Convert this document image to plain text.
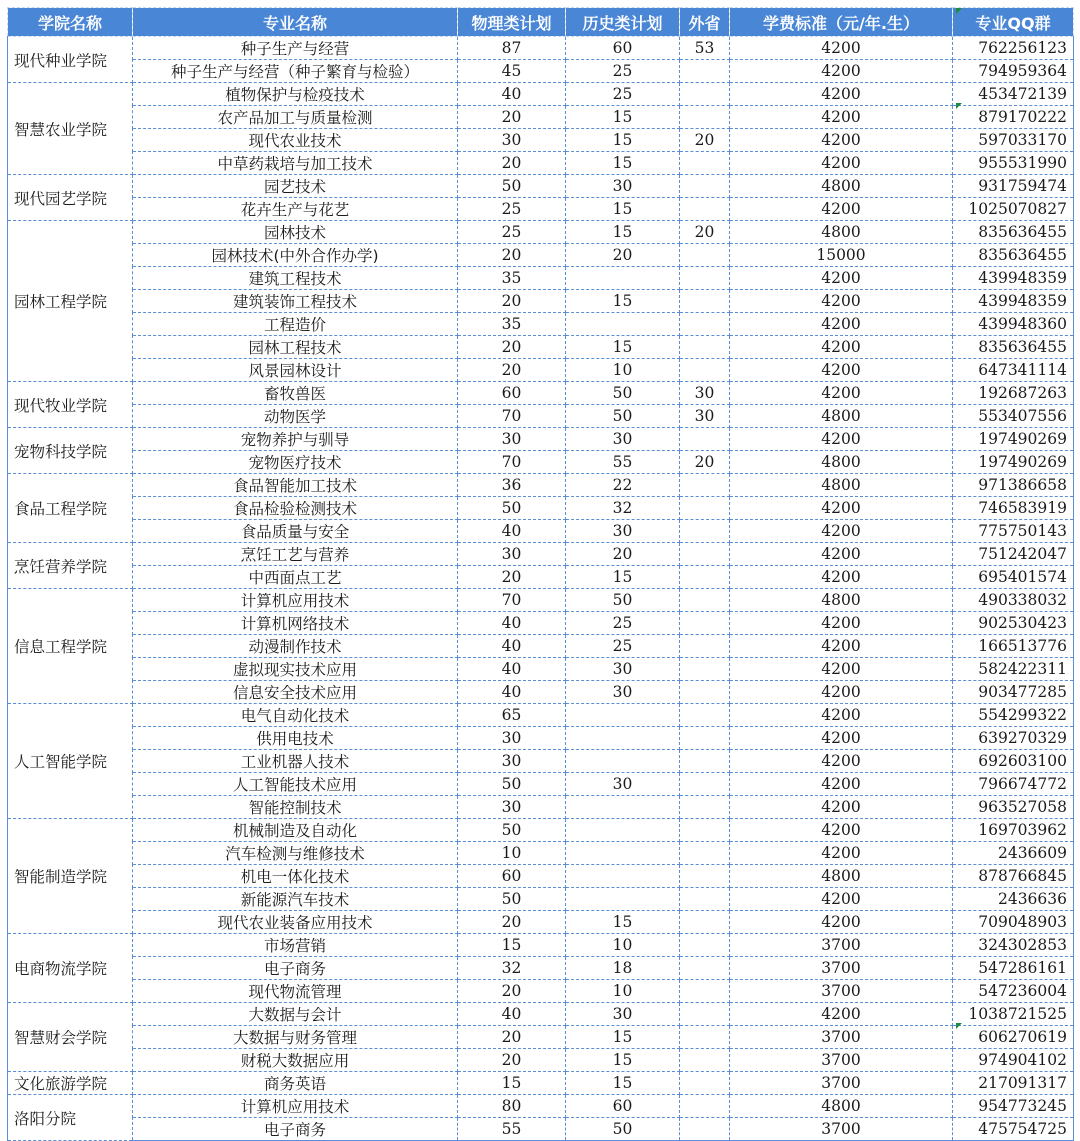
学院名称	专业名称	物理类计划	历史类计划	外省	学费标准（元/年.生）	专业QQ群
现代种业学院	种子生产与经营	87	60	53	4200	762256123
	种子生产与经营（种子繁育与检验）	45	25		4200	794959364
智慧农业学院	植物保护与检疫技术	40	25		4200	453472139
	农产品加工与质量检测	20	15		4200	879170222
	现代农业技术	30	15	20	4200	597033170
	中草药栽培与加工技术	20	15		4200	955531990
现代园艺学院	园艺技术	50	30		4800	931759474
	花卉生产与花艺	25	15		4200	1025070827
园林工程学院	园林技术	25	15	20	4800	835636455
	园林技术(中外合作办学)	20	20		15000	835636455
	建筑工程技术	35			4200	439948359
	建筑装饰工程技术	20	15		4200	439948359
	工程造价	35			4200	439948360
	园林工程技术	20	15		4200	835636455
	风景园林设计	20	10		4200	647341114
现代牧业学院	畜牧兽医	60	50	30	4200	192687263
	动物医学	70	50	30	4800	553407556
宠物科技学院	宠物养护与驯导	30	30		4200	197490269
	宠物医疗技术	70	55	20	4800	197490269
食品工程学院	食品智能加工技术	36	22		4800	971386658
	食品检验检测技术	50	32		4200	746583919
	食品质量与安全	40	30		4200	775750143
烹饪营养学院	烹饪工艺与营养	30	20		4200	751242047
	中西面点工艺	20	15		4200	695401574
信息工程学院	计算机应用技术	70	50		4800	490338032
	计算机网络技术	40	25		4200	902530423
	动漫制作技术	40	25		4200	166513776
	虚拟现实技术应用	40	30		4200	582422311
	信息安全技术应用	40	30		4200	903477285
人工智能学院	电气自动化技术	65			4200	554299322
	供用电技术	30			4200	639270329
	工业机器人技术	30			4200	692603100
	人工智能技术应用	50	30		4200	796674772
	智能控制技术	30			4200	963527058
智能制造学院	机械制造及自动化	50			4200	169703962
	汽车检测与维修技术	10			4200	2436609
	机电一体化技术	60			4800	878766845
	新能源汽车技术	50			4200	2436636
	现代农业装备应用技术	20	15		4200	709048903
电商物流学院	市场营销	15	10		3700	324302853
	电子商务	32	18		3700	547286161
	现代物流管理	20	10		3700	547236004
智慧财会学院	大数据与会计	40	30		4200	1038721525
	大数据与财务管理	20	15		3700	606270619
	财税大数据应用	20	15		3700	974904102
文化旅游学院	商务英语	15	15		3700	217091317
洛阳分院	计算机应用技术	80	60		4800	954773245
	电子商务	55	50		3700	475754725
